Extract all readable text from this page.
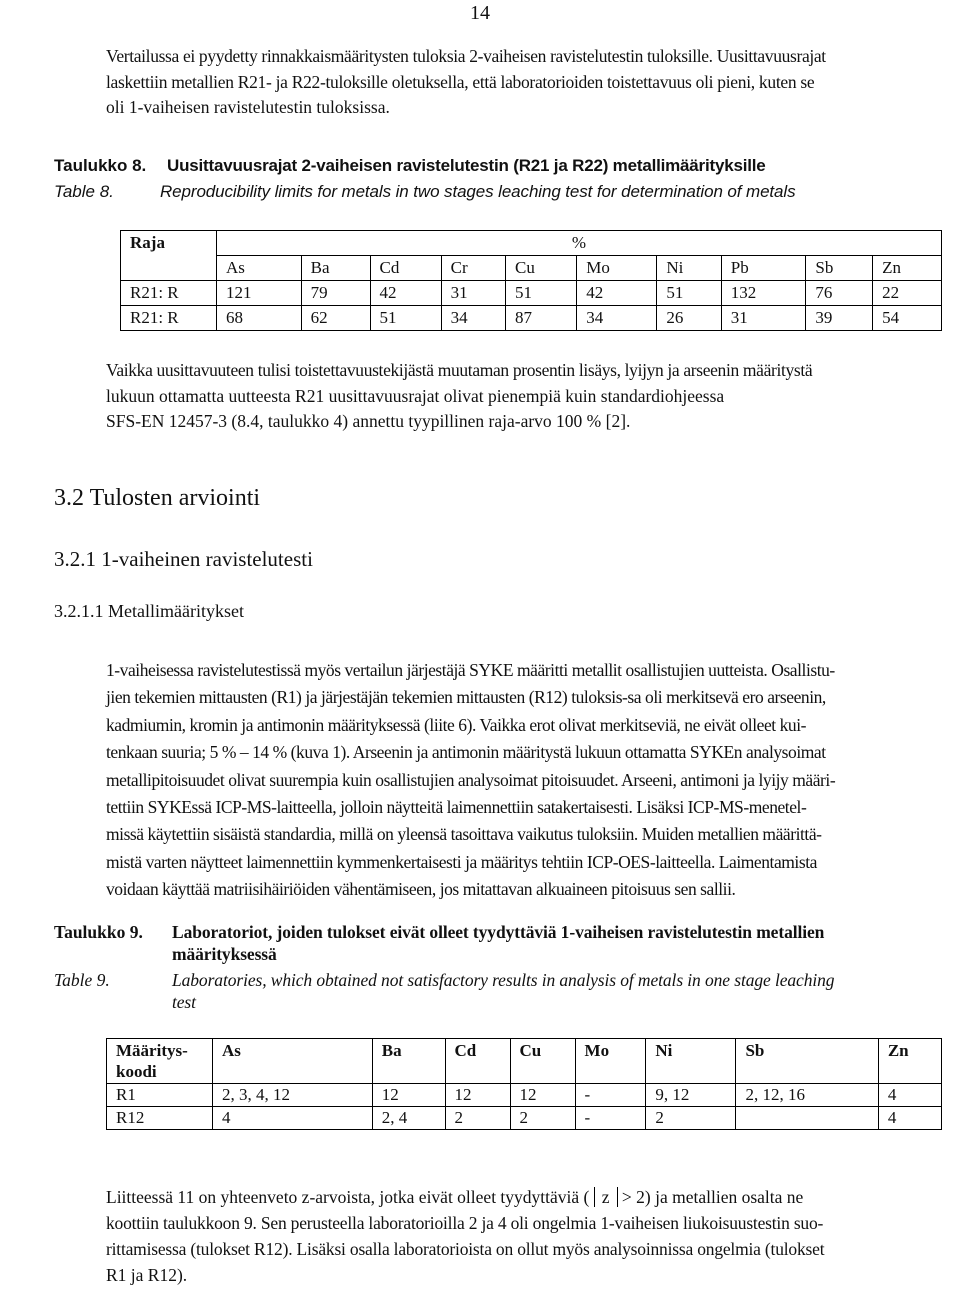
14
Vertailussa ei pyydetty rinnakkaismääritysten tuloksia 2-vaiheisen ravistelutestin tuloksille. Uusittavuusrajat
laskettiin metallien R21- ja R22-tuloksille oletuksella, että laboratorioiden toistettavuus oli pieni, kuten se
oli 1-vaiheisen ravistelutestin tuloksissa.
Taulukko 8. Uusittavuusrajat 2-vaiheisen ravistelutestin (R21 ja R22) metallimäärityksille
Table 8.	Reproducibility limits for metals in two stages leaching test for determination of metals
Raja	%									
	As	Ba	Cd	Cr	Cu	Mo	Ni	Pb	Sb	Zn
R21: R	121	79	42	31	51	42	51	132	76	22
R21: R	68	62	51	34	87	34	26	31	39	54
Vaikka uusittavuuteen tulisi toistettavuustekijästä muutaman prosentin lisäys, lyijyn ja arseenin määritystä
lukuun ottamatta uutteesta R21 uusittavuusrajat olivat pienempiä kuin standardiohjeessa
SFS-EN 12457-3 (8.4, taulukko 4) annettu tyypillinen raja-arvo 100 % [2].
3.2 Tulosten arviointi
3.2.1 1-vaiheinen ravistelutesti
3.2.1.1 Metallimääritykset
1-vaiheisessa ravistelutestissä myös vertailun järjestäjä SYKE määritti metallit osallistujien uutteista. Osallistu-
jien tekemien mittausten (R1) ja järjestäjän tekemien mittausten (R12) tuloksis-sa oli merkitsevä ero arseenin,
kadmiumin, kromin ja antimonin määrityksessä (liite 6). Vaikka erot olivat merkitseviä, ne eivät olleet kui-
tenkaan suuria; 5 % – 14 % (kuva 1). Arseenin ja antimonin määritystä lukuun ottamatta SYKEn analysoimat
metallipitoisuudet olivat suurempia kuin osallistujien analysoimat pitoisuudet. Arseeni, antimoni ja lyijy määri-
tettiin SYKEssä ICP-MS-laitteella, jolloin näytteitä laimennettiin satakertaisesti. Lisäksi ICP-MS-menetel-
missä käytettiin sisäistä standardia, millä on yleensä tasoittava vaikutus tuloksiin. Muiden metallien määrittä-
mistä varten näytteet laimennettiin kymmenkertaisesti ja määritys tehtiin ICP-OES-laitteella. Laimentamista
voidaan käyttää matriisihäiriöiden vähentämiseen, jos mitattavan alkuaineen pitoisuus sen sallii.
Taulukko 9. Laboratoriot, joiden tulokset eivät olleet tyydyttäviä 1-vaiheisen ravistelutestin metallien
määrityksessä
Table 9.	Laboratories, which obtained not satisfactory results in analysis of metals in one stage leaching
test
Määritys-
koodi	As	Ba	Cd	Cu	Mo	Ni	Sb	Zn
R1	2, 3, 4, 12	12	12	12	-	9, 12	2, 12, 16	4
R12	4	2, 4	2	2	-	2		4
Liitteessä 11 on yhteenveto z-arvoista, jotka eivät olleet tyydyttäviä ( z > 2) ja metallien osalta ne
koottiin taulukkoon 9. Sen perusteella laboratorioilla 2 ja 4 oli ongelmia 1-vaiheisen liukoisuustestin suo-
rittamisessa (tulokset R12). Lisäksi osalla laboratorioista on ollut myös analysoinnissa ongelmia (tulokset
R1 ja R12).
